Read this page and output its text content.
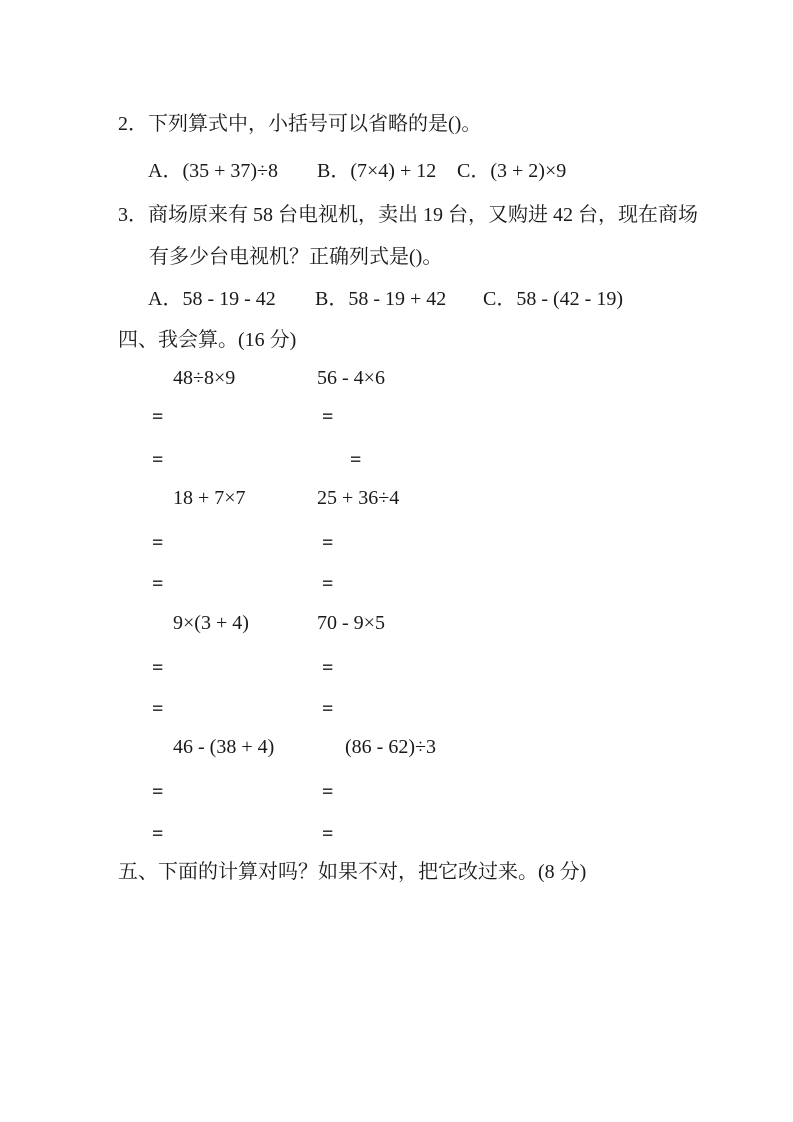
2．下列算式中，小括号可以省略的是()。
A．(35 + 37)÷8 B．(7×4) + 12 C．(3 + 2)×9
3．商场原来有 58 台电视机，卖出 19 台，又购进 42 台，现在商场
有多少台电视机？正确列式是()。
A．58 - 19 - 42 B．58 - 19 + 42 C．58 - (42 - 19)
四、我会算。(16 分)
48÷8×9	56 - 4×6
=	=
=	=
18 + 7×7	25 + 36÷4
=	=
=	=
9×(3 + 4)	70 - 9×5
=	=
=	=
46 - (38 + 4)	(86 - 62)÷3
=	=
=	=
五、下面的计算对吗？如果不对，把它改过来。(8 分)
